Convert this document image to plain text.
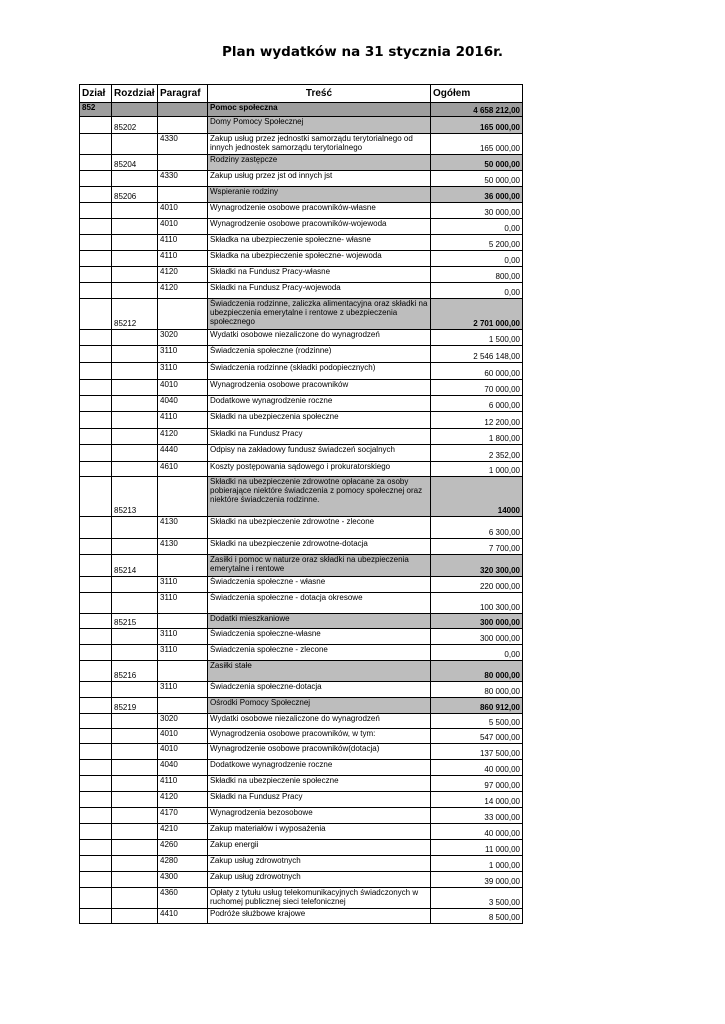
Plan wydatków na 31 stycznia 2016r.
Dział	Rozdział	Paragraf	Treść	Ogółem
852			Pomoc społeczna	4 658 212,00
	85202		Domy Pomocy Społecznej	165 000,00
		4330	Zakup usług przez jednostki samorządu terytorialnego od innych jednostek samorządu terytorialnego	165 000,00
	85204		Rodziny zastępcze	50 000,00
		4330	Zakup usług przez jst od innych jst	50 000,00
	85206		Wspieranie rodziny	36 000,00
		4010	Wynagrodzenie osobowe pracowników-własne	30 000,00
		4010	Wynagrodzenie osobowe pracowników-wojewoda	0,00
		4110	Składka na ubezpieczenie społeczne- własne	5 200,00
		4110	Składka na ubezpieczenie społeczne- wojewoda	0,00
		4120	Składki na Fundusz Pracy-własne	800,00
		4120	Składki na Fundusz Pracy-wojewoda	0,00
	85212		Świadczenia rodzinne, zaliczka alimentacyjna oraz składki na ubezpieczenia emerytalne i rentowe z ubezpieczenia społecznego	2 701 000,00
		3020	Wydatki osobowe niezaliczone do wynagrodzeń	1 500,00
		3110	Świadczenia społeczne (rodzinne)	2 546 148,00
		3110	Świadczenia rodzinne (składki podopiecznych)	60 000,00
		4010	Wynagrodzenia osobowe pracowników	70 000,00
		4040	Dodatkowe wynagrodzenie roczne	6 000,00
		4110	Składki na ubezpieczenia społeczne	12 200,00
		4120	Składki na Fundusz Pracy	1 800,00
		4440	Odpisy na zakładowy fundusz świadczeń socjalnych	2 352,00
		4610	Koszty postępowania sądowego i prokuratorskiego	1 000,00
	85213		Składki na ubezpieczenie zdrowotne opłacane za osoby pobierające niektóre świadczenia z pomocy społecznej oraz niektóre świadczenia rodzinne.	14000
		4130	Składki na ubezpieczenie zdrowotne - zlecone	6 300,00
		4130	Składki na ubezpieczenie zdrowotne-dotacja	7 700,00
	85214		Zasiłki i pomoc w naturze oraz składki na ubezpieczenia emerytalne i rentowe	320 300,00
		3110	Świadczenia społeczne - własne	220 000,00
		3110	Świadczenia społeczne - dotacja okresowe	100 300,00
	85215		Dodatki mieszkaniowe	300 000,00
		3110	Świadczenia społeczne-własne	300 000,00
		3110	Świadczenia społeczne - zlecone	0,00
	85216		Zasiłki stałe	80 000,00
		3110	Świadczenia społeczne-dotacja	80 000,00
	85219		Ośrodki Pomocy Społecznej	860 912,00
		3020	Wydatki osobowe niezaliczone do wynagrodzeń	5 500,00
		4010	Wynagrodzenia osobowe pracowników, w tym:	547 000,00
		4010	Wynagrodzenie osobowe pracowników(dotacja)	137 500,00
		4040	Dodatkowe wynagrodzenie roczne	40 000,00
		4110	Składki na ubezpieczenie społeczne	97 000,00
		4120	Składki na Fundusz Pracy	14 000,00
		4170	Wynagrodzenia bezosobowe	33 000,00
		4210	Zakup materiałów i wyposażenia	40 000,00
		4260	Zakup energii	11 000,00
		4280	Zakup usług zdrowotnych	1 000,00
		4300	Zakup usług zdrowotnych	39 000,00
		4360	Opłaty z tytułu usług telekomunikacyjnych świadczonych w ruchomej publicznej sieci telefonicznej	3 500,00
		4410	Podróże służbowe krajowe	8 500,00
